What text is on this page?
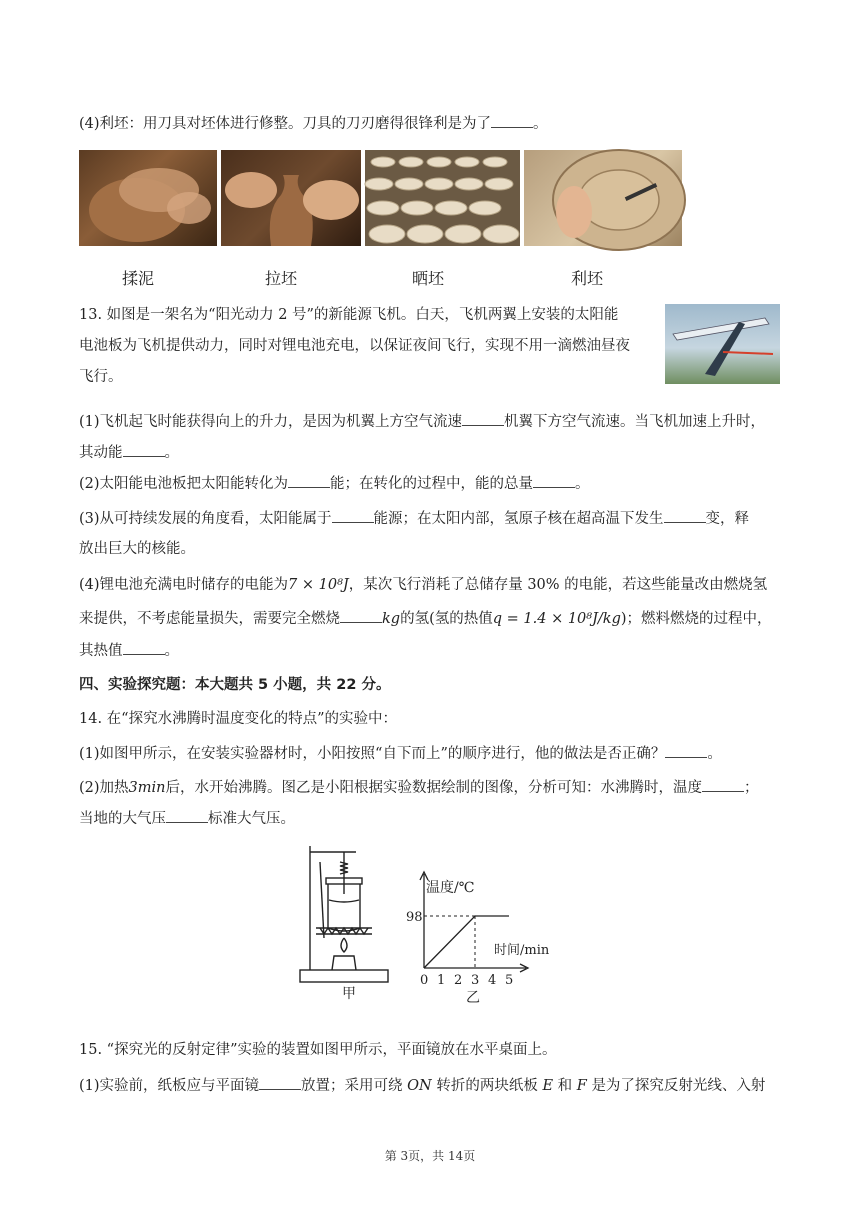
(4)利坯：用刀具对坯体进行修整。刀具的刀刃磨得很锋利是为了	。
揉泥	拉坯	晒坯	利坯
13. 如图是一架名为“阳光动力 2 号”的新能源飞机。白天，飞机两翼上安装的太阳能
电池板为飞机提供动力，同时对锂电池充电，以保证夜间飞行，实现不用一滴燃油昼夜
飞行。
(1)飞机起飞时能获得向上的升力，是因为机翼上方空气流速	机翼下方空气流速。当飞机加速上升时，
其动能	。
(2)太阳能电池板把太阳能转化为	能；在转化的过程中，能的总量	。
(3)从可持续发展的角度看，太阳能属于	能源；在太阳内部，氢原子核在超高温下发生	变，释
放出巨大的核能。
(4)锂电池充满电时储存的电能为7 × 10⁸J，某次飞行消耗了总储存量 30% 的电能，若这些能量改由燃烧氢
来提供，不考虑能量损失，需要完全燃烧	kg的氢(氢的热值q = 1.4 × 10⁸J/kg)；燃料燃烧的过程中，
其热值	。
四、实验探究题：本大题共 5 小题，共 22 分。
14. 在“探究水沸腾时温度变化的特点”的实验中：
(1)如图甲所示，在安装实验器材时，小阳按照“自下而上”的顺序进行，他的做法是否正确？	。
(2)加热3min后，水开始沸腾。图乙是小阳根据实验数据绘制的图像，分析可知：水沸腾时，温度	；
当地的大气压	标准大气压。
甲
0 1 2 3 4 5
温度/℃
时间/min
98
乙
15. “探究光的反射定律”实验的装置如图甲所示，平面镜放在水平桌面上。
(1)实验前，纸板应与平面镜	放置；采用可绕 ON 转折的两块纸板 E 和 F 是为了探究反射光线、入射
第 3页，共 14页
